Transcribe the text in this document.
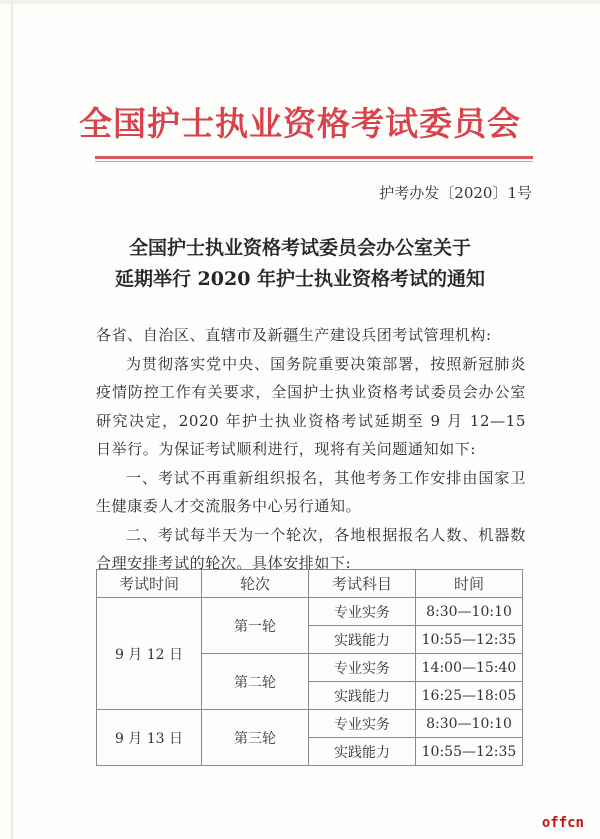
全国护士执业资格考试委员会
护考办发〔2020〕1号
全国护士执业资格考试委员会办公室关于
延期举行 2020 年护士执业资格考试的通知

各省、自治区、直辖市及新疆生产建设兵团考试管理机构:

为贯彻落实党中央、国务院重要决策部署，按照新冠肺炎疫情防控工作有关要求，全国护士执业资格考试委员会办公室研究决定，2020 年护士执业资格考试延期至 9 月 12—15 日举行。为保证考试顺利进行，现将有关问题通知如下:

一、考试不再重新组织报名，其他考务工作安排由国家卫生健康委人才交流服务中心另行通知。

二、考试每半天为一个轮次，各地根据报名人数、机器数合理安排考试的轮次。具体安排如下:

考试时间	轮次	考试科目	时间
9 月 12 日	第一轮	专业实务	8:30—10:10
		实践能力	10:55—12:35
	第二轮	专业实务	14:00—15:40
		实践能力	16:25—18:05
9 月 13 日	第三轮	专业实务	8:30—10:10
		实践能力	10:55—12:35
offcn
